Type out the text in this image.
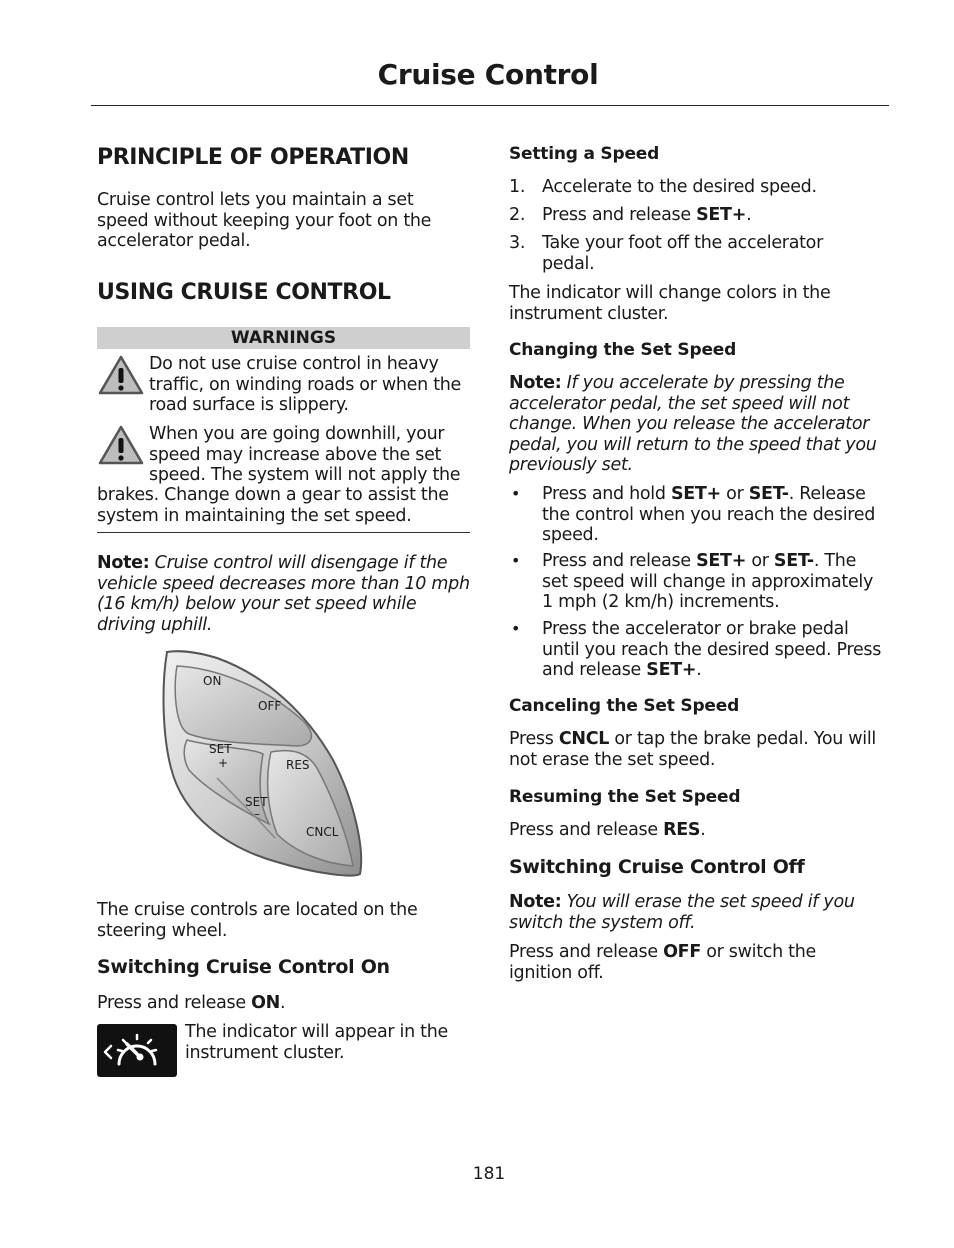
Cruise Control
PRINCIPLE OF OPERATION
Cruise control lets you maintain a set speed without keeping your foot on the accelerator pedal.
USING CRUISE CONTROL
WARNINGS
Do not use cruise control in heavy traffic, on winding roads or when the road surface is slippery.
When you are going downhill, your speed may increase above the set speed. The system will not apply the
brakes. Change down a gear to assist the system in maintaining the set speed.
Note: Cruise control will disengage if the vehicle speed decreases more than 10 mph (16 km/h) below your set speed while driving uphill.
ON
OFF
SET
+	RES
SET
–
CNCL
The cruise controls are located on the steering wheel.
Switching Cruise Control On
Press and release ON.
The indicator will appear in the instrument cluster.
Setting a Speed
1. Accelerate to the desired speed.
2. Press and release SET+.
3. Take your foot off the accelerator pedal.
The indicator will change colors in the instrument cluster.
Changing the Set Speed
Note: If you accelerate by pressing the accelerator pedal, the set speed will not change. When you release the accelerator pedal, you will return to the speed that you previously set.
• Press and hold SET+ or SET-. Release the control when you reach the desired speed.
• Press and release SET+ or SET-. The set speed will change in approximately 1 mph (2 km/h) increments.
• Press the accelerator or brake pedal until you reach the desired speed. Press and release SET+.
Canceling the Set Speed
Press CNCL or tap the brake pedal. You will not erase the set speed.
Resuming the Set Speed
Press and release RES.
Switching Cruise Control Off
Note: You will erase the set speed if you switch the system off.
Press and release OFF or switch the ignition off.
181
